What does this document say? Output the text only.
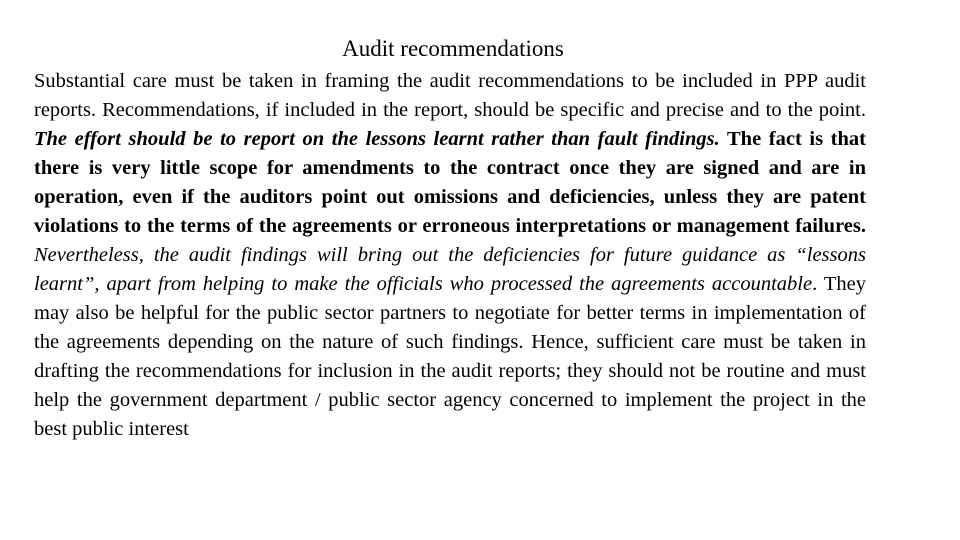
Audit recommendations

Substantial care must be taken in framing the audit recommendations to be included in PPP audit reports. Recommendations, if included in the report, should be specific and precise and to the point. The effort should be to report on the lessons learnt rather than fault findings. The fact is that there is very little scope for amendments to the contract once they are signed and are in operation, even if the auditors point out omissions and deficiencies, unless they are patent violations to the terms of the agreements or erroneous interpretations or management failures. Nevertheless, the audit findings will bring out the deficiencies for future guidance as “lessons learnt”, apart from helping to make the officials who processed the agreements accountable. They may also be helpful for the public sector partners to negotiate for better terms in implementation of the agreements depending on the nature of such findings. Hence, sufficient care must be taken in drafting the recommendations for inclusion in the audit reports; they should not be routine and must help the government department / public sector agency concerned to implement the project in the best public interest
